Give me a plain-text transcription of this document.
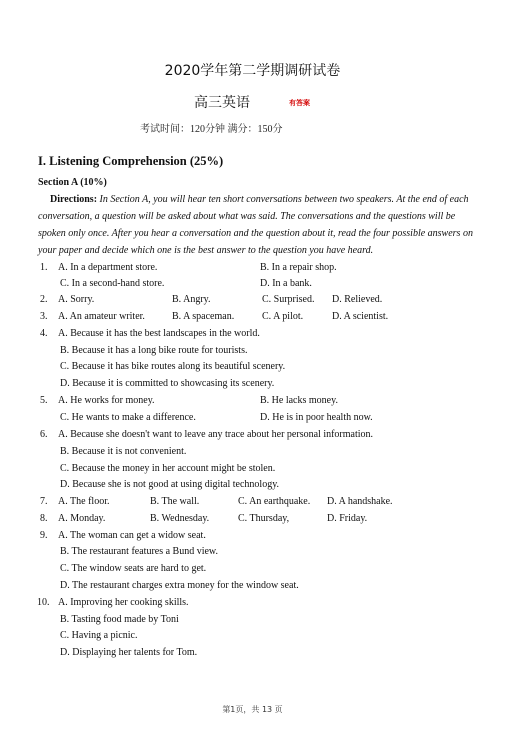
2020学年第二学期调研试卷
高三英语	有答案
考试时间：120分钟 满分：150分
I. Listening Comprehension (25%)
Section A (10%)
Directions: In Section A, you will hear ten short conversations between two speakers. At the end of each conversation, a question will be asked about what was said. The conversations and the questions will be spoken only once. After you hear a conversation and the question about it, read the four possible answers on your paper and decide which one is the best answer to the question you have heard.
1. A. In a department store.	B. In a repair shop.
C. In a second-hand store.	D. In a bank.
2. A. Sorry.	B. Angry.	C. Surprised. D. Relieved.
3. A. An amateur writer.	B. A spaceman.	C. A pilot.	D. A scientist.
4. A. Because it has the best landscapes in the world.
B. Because it has a long bike route for tourists.
C. Because it has bike routes along its beautiful scenery.
D. Because it is committed to showcasing its scenery.
5. A. He works for money.	B. He lacks money.
C. He wants to make a difference.	D. He is in poor health now.
6. A. Because she doesn't want to leave any trace about her personal information.
B. Because it is not convenient.
C. Because the money in her account might be stolen.
D. Because she is not good at using digital technology.
7. A. The floor.	B. The wall.	C. An earthquake. D. A handshake.
8. A. Monday.	B. Wednesday.	C. Thursday,	D. Friday.
9. A. The woman can get a widow seat.
B. The restaurant features a Bund view.
C. The window seats are hard to get.
D. The restaurant charges extra money for the window seat.
10. A. Improving her cooking skills.
B. Tasting food made by Toni
C. Having a picnic.
D. Displaying her talents for Tom.
第1页，共 13 页
